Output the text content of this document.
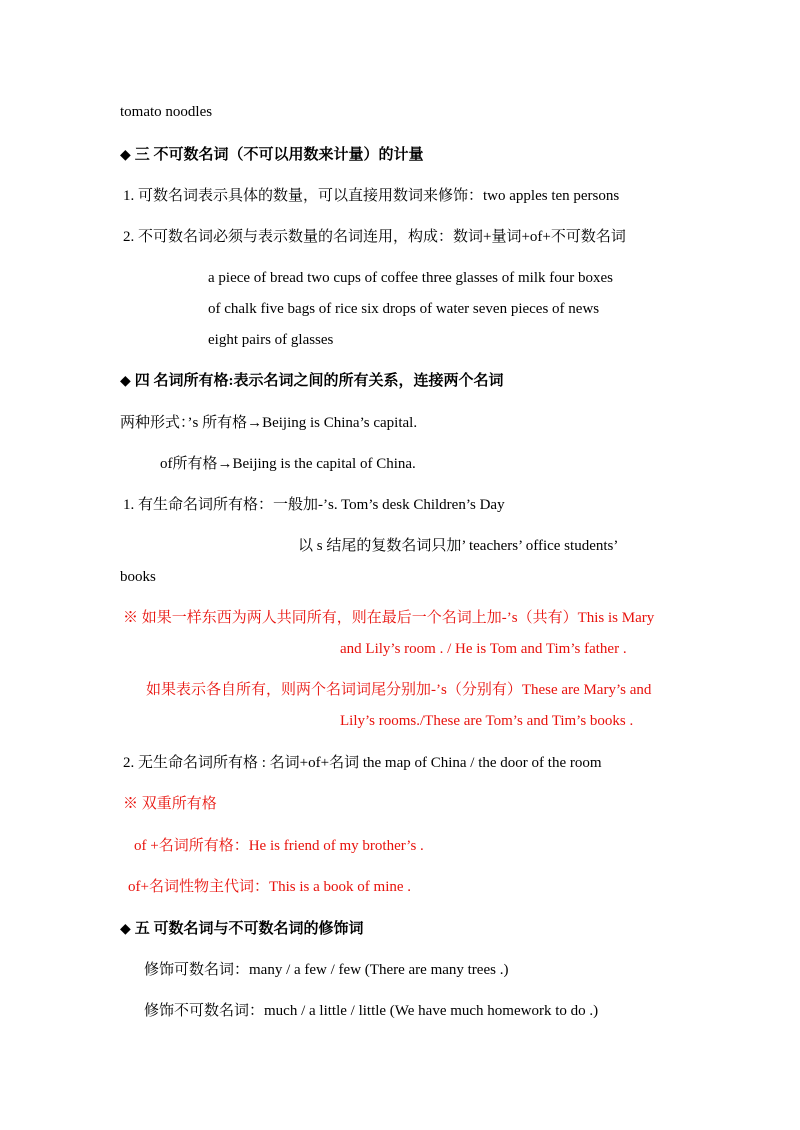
tomato noodles
◆ 三 不可数名词（不可以用数来计量）的计量
1. 可数名词表示具体的数量，可以直接用数词来修饰：two apples ten persons
2. 不可数名词必须与表示数量的名词连用，构成：数词+量词+of+不可数名词
a piece of bread two cups of coffee three glasses of milk four boxes
of chalk five bags of rice six drops of water seven pieces of news
eight pairs of glasses
◆ 四 名词所有格:表示名词之间的所有关系，连接两个名词
两种形式：’s 所有格→Beijing is China’s capital.
of所有格→Beijing is the capital of China.
1. 有生命名词所有格：一般加-’s. Tom’s desk Children’s Day
以 s 结尾的复数名词只加’ teachers’ office students’
books
※ 如果一样东西为两人共同所有，则在最后一个名词上加-’s（共有）This is Mary
and Lily’s room . / He is Tom and Tim’s father .
如果表示各自所有，则两个名词词尾分别加-’s（分别有）These are Mary’s and
Lily’s rooms./These are Tom’s and Tim’s books .
2. 无生命名词所有格 : 名词+of+名词 the map of China / the door of the room
※ 双重所有格
of +名词所有格：He is friend of my brother’s .
of+名词性物主代词：This is a book of mine .
◆ 五 可数名词与不可数名词的修饰词
修饰可数名词：many / a few / few (There are many trees .)
修饰不可数名词：much / a little / little (We have much homework to do .)
